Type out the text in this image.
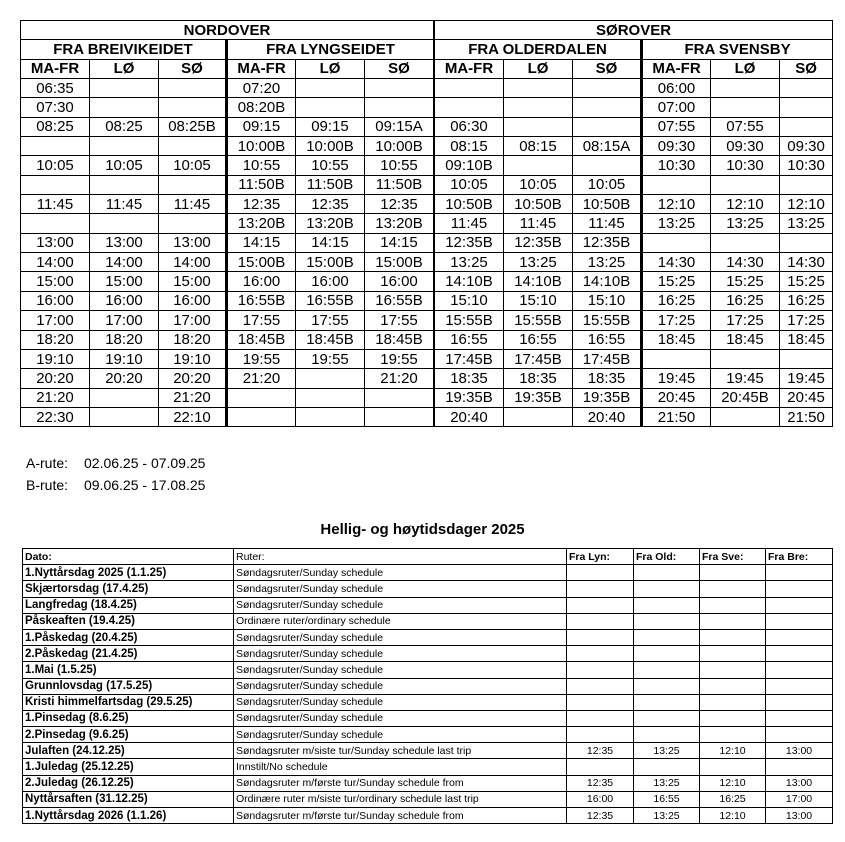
NORDOVER					
FRA BREIVIKEIDET			FRA LYNGSEIDET		
MA-FR	LØ	SØ	MA-FR	LØ	SØ
06:35			07:20		
07:30			08:20B		
08:25	08:25	08:25B	09:15	09:15	09:15A
			10:00B	10:00B	10:00B
10:05	10:05	10:05	10:55	10:55	10:55
			11:50B	11:50B	11:50B
11:45	11:45	11:45	12:35	12:35	12:35
			13:20B	13:20B	13:20B
13:00	13:00	13:00	14:15	14:15	14:15
14:00	14:00	14:00	15:00B	15:00B	15:00B
15:00	15:00	15:00	16:00	16:00	16:00
16:00	16:00	16:00	16:55B	16:55B	16:55B
17:00	17:00	17:00	17:55	17:55	17:55
18:20	18:20	18:20	18:45B	18:45B	18:45B
19:10	19:10	19:10	19:55	19:55	19:55
20:20	20:20	20:20	21:20		21:20
21:20		21:20			
22:30		22:10			
SØROVER					
FRA OLDERDALEN			FRA SVENSBY		
MA-FR	LØ	SØ	MA-FR	LØ	SØ
			06:00		
			07:00		
06:30			07:55	07:55	
08:15	08:15	08:15A	09:30	09:30	09:30
09:10B			10:30	10:30	10:30
10:05	10:05	10:05			
10:50B	10:50B	10:50B	12:10	12:10	12:10
11:45	11:45	11:45	13:25	13:25	13:25
12:35B	12:35B	12:35B			
13:25	13:25	13:25	14:30	14:30	14:30
14:10B	14:10B	14:10B	15:25	15:25	15:25
15:10	15:10	15:10	16:25	16:25	16:25
15:55B	15:55B	15:55B	17:25	17:25	17:25
16:55	16:55	16:55	18:45	18:45	18:45
17:45B	17:45B	17:45B			
18:35	18:35	18:35	19:45	19:45	19:45
19:35B	19:35B	19:35B	20:45	20:45B	20:45
20:40		20:40	21:50		21:50
A-rute: 02.06.25 - 07.09.25
B-rute: 09.06.25 - 17.08.25
Hellig- og høytidsdager 2025
Dato:	Ruter:	Fra Lyn:	Fra Old:	Fra Sve:	Fra Bre:
1.Nyttårsdag 2025 (1.1.25)	Søndagsruter/Sunday schedule				
Skjærtorsdag (17.4.25)	Søndagsruter/Sunday schedule				
Langfredag (18.4.25)	Søndagsruter/Sunday schedule				
Påskeaften (19.4.25)	Ordinære ruter/ordinary schedule				
1.Påskedag (20.4.25)	Søndagsruter/Sunday schedule				
2.Påskedag (21.4.25)	Søndagsruter/Sunday schedule				
1.Mai (1.5.25)	Søndagsruter/Sunday schedule				
Grunnlovsdag (17.5.25)	Søndagsruter/Sunday schedule				
Kristi himmelfartsdag (29.5.25)	Søndagsruter/Sunday schedule				
1.Pinsedag (8.6.25)	Søndagsruter/Sunday schedule				
2.Pinsedag (9.6.25)	Søndagsruter/Sunday schedule				
Julaften (24.12.25)	Søndagsruter m/siste tur/Sunday schedule last trip	12:35	13:25	12:10	13:00
1.Juledag (25.12.25)	Innstilt/No schedule				
2.Juledag (26.12.25)	Søndagsruter m/første tur/Sunday schedule from	12:35	13:25	12:10	13:00
Nyttårsaften (31.12.25)	Ordinære ruter m/siste tur/ordinary schedule last trip	16:00	16:55	16:25	17:00
1.Nyttårsdag 2026 (1.1.26)	Søndagsruter m/første tur/Sunday schedule from	12:35	13:25	12:10	13:00
